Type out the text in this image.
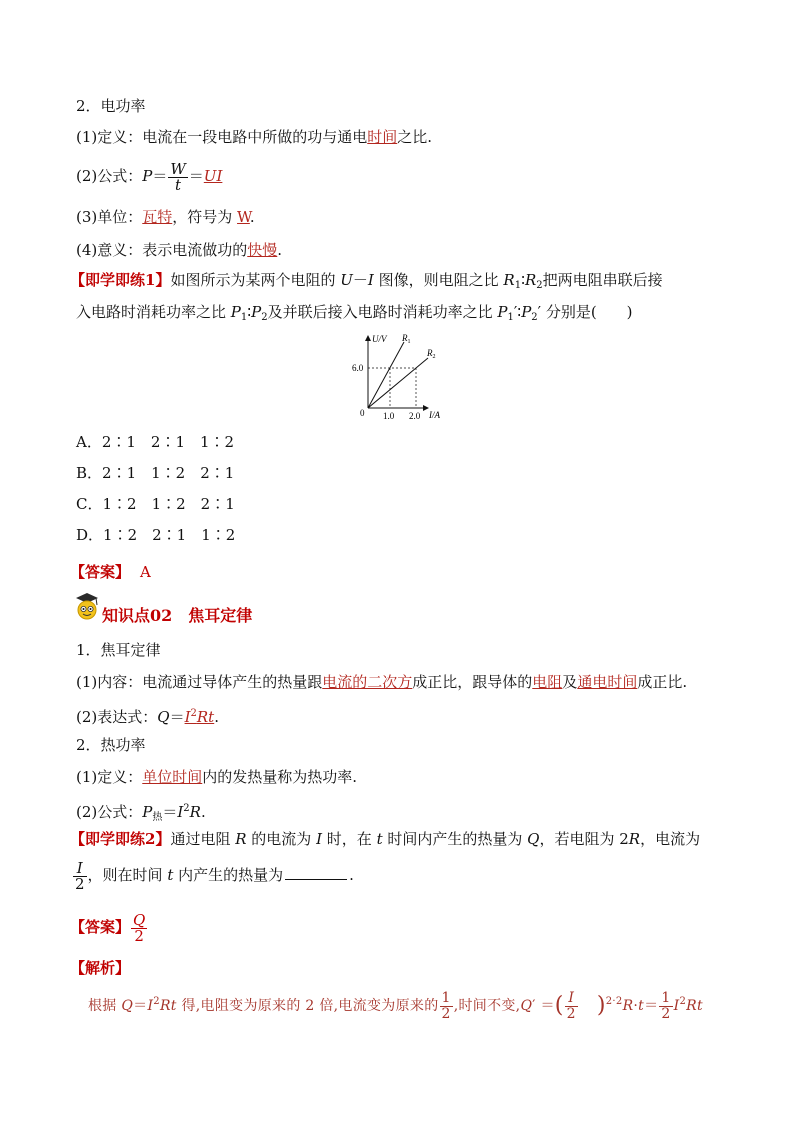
2．电功率
(1)定义：电流在一段电路中所做的功与通电时间之比.
(2)公式：$P= \frac{W}{t} =UI$
(3)单位：瓦特，符号为 W.
(4)意义：表示电流做功的快慢.
【即学即练1】如图所示为某两个电阻的 U－I 图像，则电阻之比 $R_1∶R_2$把两电阻串联后接
入电路时消耗功率之比 $P_1∶P_2$及并联后接入电路时消耗功率之比 $P_1'∶P_2'$ 分别是(　　)
U/V
I/A
0
6.0
1.0 2.0
$R_1$
$R_2$
A．2∶1　2∶1　1∶2
B．2∶1　1∶2　2∶1
C．1∶2　1∶2　2∶1
D．1∶2　2∶1　1∶2
【答案】 A
知识点02　焦耳定律
1．焦耳定律
(1)内容：电流通过导体产生的热量跟电流的二次方成正比，跟导体的电阻及通电时间成正比.
(2)表达式：$Q=I^2Rt$.
2．热功率
(1)定义：单位时间内的发热量称为热功率.
(2)公式：$P_热=I^2R$.
【即学即练2】通过电阻 R 的电流为 I 时，在 t 时间内产生的热量为 Q，若电阻为 2R，电流为
$\frac{I}{2}$ ，则在时间 t 内产生的热量为	.
【答案】 $\frac{Q}{2}$
【解析】
根据 $Q=I^2Rt$ 得,电阻变为原来的 2 倍,电流变为原来的 $\frac{1}{2}$ ,时间不变,Q′ ＝( $\frac{I}{2} )^{2\cdot 2}R\cdot t= \frac{1}{2} I^2Rt$
